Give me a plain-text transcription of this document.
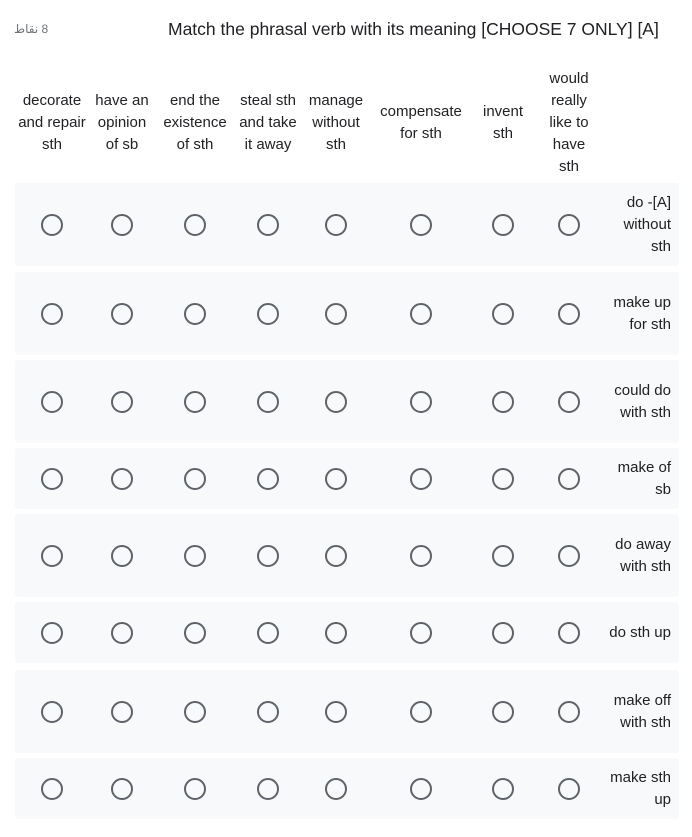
8 نقاط	Match the phrasal verb with its meaning [CHOOSE 7 ONLY] [A]
decorate and repair sth
have an opinion of sb
end the existence of sth
steal sth and take it away
manage without sth
compensate for sth
invent sth
would really like to have sth
do -[A] without sth
make up for sth
could do with sth
make of sb
do away with sth
do sth up
make off with sth
make sth up
